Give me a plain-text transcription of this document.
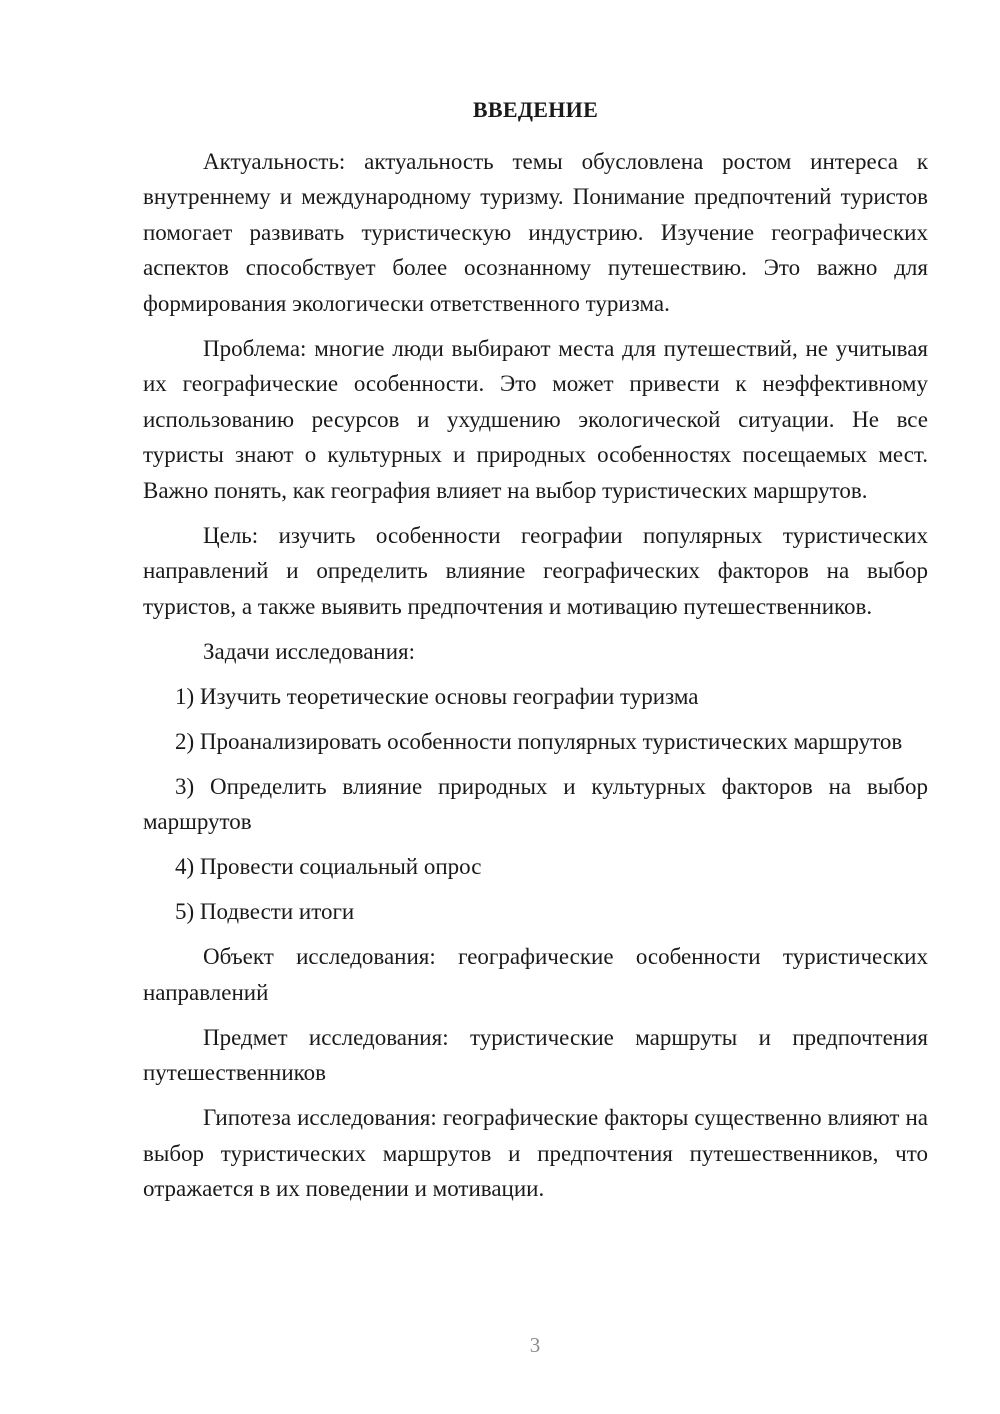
ВВЕДЕНИЕ

Актуальность: актуальность темы обусловлена ростом интереса к внутреннему и международному туризму. Понимание предпочтений туристов помогает развивать туристическую индустрию. Изучение географических аспектов способствует более осознанному путешествию. Это важно для формирования экологически ответственного туризма.

Проблема: многие люди выбирают места для путешествий, не учитывая их географические особенности. Это может привести к неэффективному использованию ресурсов и ухудшению экологической ситуации. Не все туристы знают о культурных и природных особенностях посещаемых мест. Важно понять, как география влияет на выбор туристических маршрутов.

Цель: изучить особенности географии популярных туристических направлений и определить влияние географических факторов на выбор туристов, а также выявить предпочтения и мотивацию путешественников.

Задачи исследования:

1) Изучить теоретические основы географии туризма

2) Проанализировать особенности популярных туристических маршрутов

3) Определить влияние природных и культурных факторов на выбор маршрутов

4) Провести социальный опрос

5) Подвести итоги

Объект исследования: географические особенности туристических направлений

Предмет исследования: туристические маршруты и предпочтения путешественников

Гипотеза исследования: географические факторы существенно влияют на выбор туристических маршрутов и предпочтения путешественников, что отражается в их поведении и мотивации.

3
